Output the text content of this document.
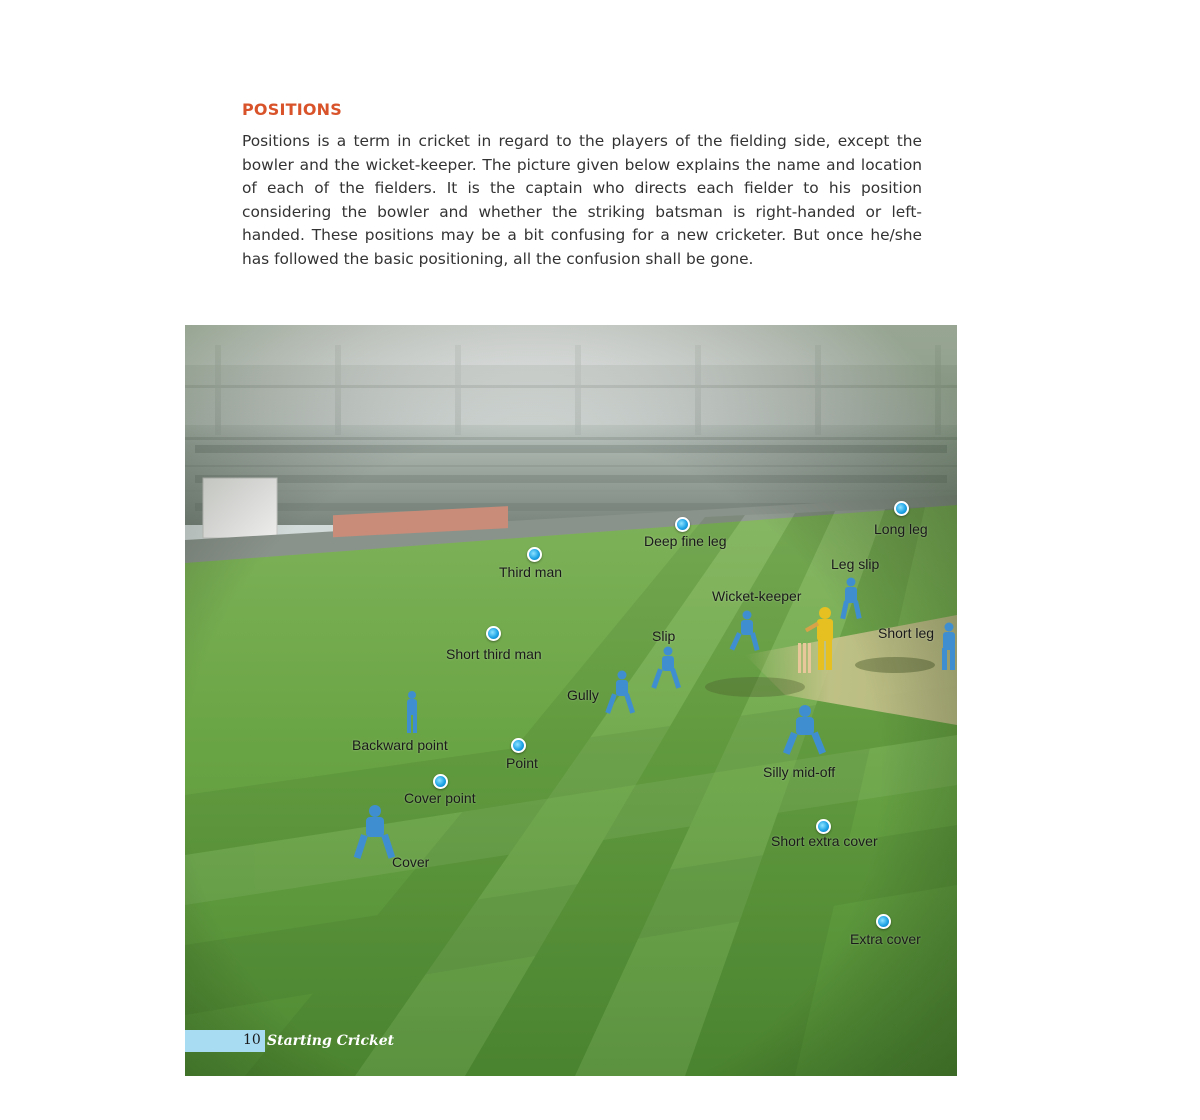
POSITIONS

Positions is a term in cricket in regard to the players of the fielding side, except the bowler and the wicket-keeper. The picture given below explains the name and location of each of the fielders. It is the captain who directs each fielder to his position considering the bowler and whether the striking batsman is right-handed or left-handed. These positions may be a bit confusing for a new cricketer. But once he/she has followed the basic positioning, all the confusion shall be gone.

Long leg
Deep fine leg
Third man	Leg slip
Wicket-keeper
Slip	Short leg
Short third man
Gully
Backward point
Point
Silly mid-off
Cover point
Cover
Short extra cover
Extra cover
10 Starting Cricket
